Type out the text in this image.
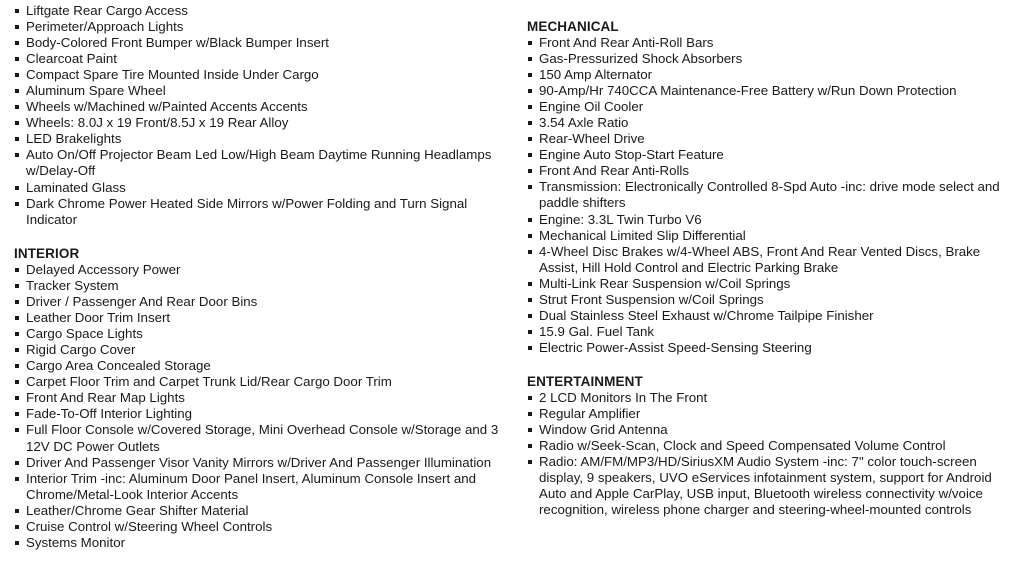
Liftgate Rear Cargo Access
Perimeter/Approach Lights
Body-Colored Front Bumper w/Black Bumper Insert
Clearcoat Paint
Compact Spare Tire Mounted Inside Under Cargo
Aluminum Spare Wheel
Wheels w/Machined w/Painted Accents Accents
Wheels: 8.0J x 19 Front/8.5J x 19 Rear Alloy
LED Brakelights
Auto On/Off Projector Beam Led Low/High Beam Daytime Running Headlamps w/Delay-Off
Laminated Glass
Dark Chrome Power Heated Side Mirrors w/Power Folding and Turn Signal Indicator
INTERIOR
Delayed Accessory Power
Tracker System
Driver / Passenger And Rear Door Bins
Leather Door Trim Insert
Cargo Space Lights
Rigid Cargo Cover
Cargo Area Concealed Storage
Carpet Floor Trim and Carpet Trunk Lid/Rear Cargo Door Trim
Front And Rear Map Lights
Fade-To-Off Interior Lighting
Full Floor Console w/Covered Storage, Mini Overhead Console w/Storage and 3 12V DC Power Outlets
Driver And Passenger Visor Vanity Mirrors w/Driver And Passenger Illumination
Interior Trim -inc: Aluminum Door Panel Insert, Aluminum Console Insert and Chrome/Metal-Look Interior Accents
Leather/Chrome Gear Shifter Material
Cruise Control w/Steering Wheel Controls
Systems Monitor
MECHANICAL
Front And Rear Anti-Roll Bars
Gas-Pressurized Shock Absorbers
150 Amp Alternator
90-Amp/Hr 740CCA Maintenance-Free Battery w/Run Down Protection
Engine Oil Cooler
3.54 Axle Ratio
Rear-Wheel Drive
Engine Auto Stop-Start Feature
Front And Rear Anti-Rolls
Transmission: Electronically Controlled 8-Spd Auto -inc: drive mode select and paddle shifters
Engine: 3.3L Twin Turbo V6
Mechanical Limited Slip Differential
4-Wheel Disc Brakes w/4-Wheel ABS, Front And Rear Vented Discs, Brake Assist, Hill Hold Control and Electric Parking Brake
Multi-Link Rear Suspension w/Coil Springs
Strut Front Suspension w/Coil Springs
Dual Stainless Steel Exhaust w/Chrome Tailpipe Finisher
15.9 Gal. Fuel Tank
Electric Power-Assist Speed-Sensing Steering
ENTERTAINMENT
2 LCD Monitors In The Front
Regular Amplifier
Window Grid Antenna
Radio w/Seek-Scan, Clock and Speed Compensated Volume Control
Radio: AM/FM/MP3/HD/SiriusXM Audio System -inc: 7" color touch-screen display, 9 speakers, UVO eServices infotainment system, support for Android Auto and Apple CarPlay, USB input, Bluetooth wireless connectivity w/voice recognition, wireless phone charger and steering-wheel-mounted controls
